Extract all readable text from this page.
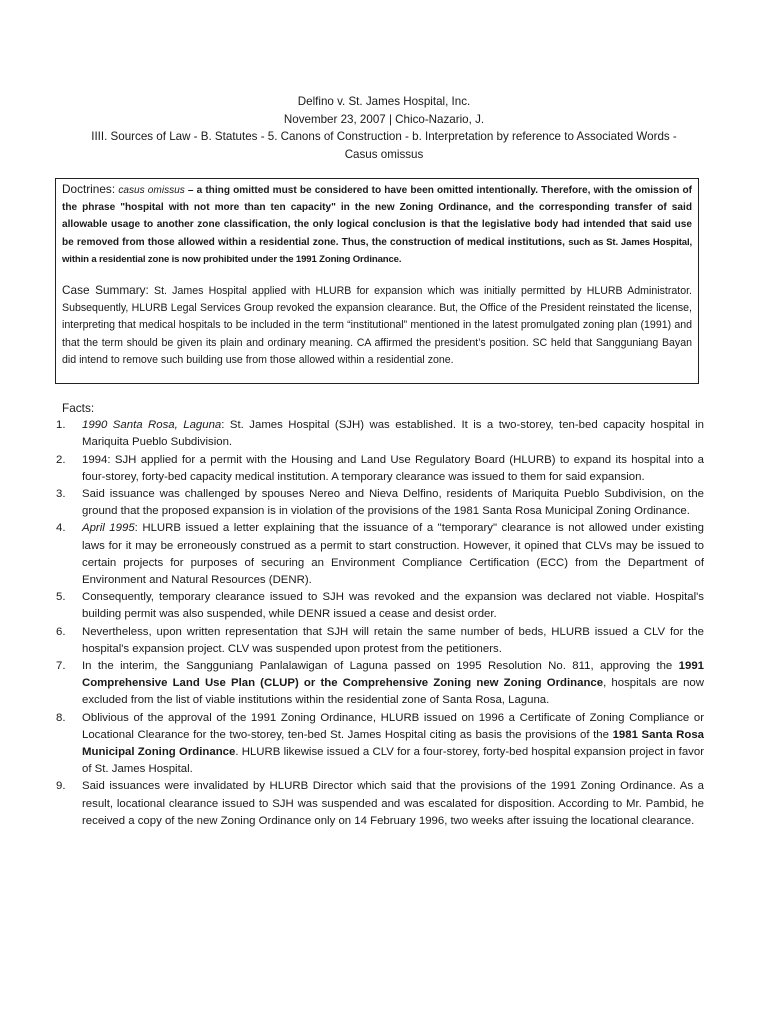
Delfino v. St. James Hospital, Inc.
November 23, 2007 | Chico-Nazario, J.
IIII. Sources of Law - B. Statutes - 5. Canons of Construction - b. Interpretation by reference to Associated Words -
Casus omissus

Doctrines: casus omissus – a thing omitted must be considered to have been omitted intentionally. Therefore, with the omission of the phrase "hospital with not more than ten capacity" in the new Zoning Ordinance, and the corresponding transfer of said allowable usage to another zone classification, the only logical conclusion is that the legislative body had intended that said use be removed from those allowed within a residential zone. Thus, the construction of medical institutions, such as St. James Hospital, within a residential zone is now prohibited under the 1991 Zoning Ordinance.

Case Summary: St. James Hospital applied with HLURB for expansion which was initially permitted by HLURB Administrator. Subsequently, HLURB Legal Services Group revoked the expansion clearance. But, the Office of the President reinstated the license, interpreting that medical hospitals to be included in the term “institutional” mentioned in the latest promulgated zoning plan (1991) and that the term should be given its plain and ordinary meaning. CA affirmed the president’s position. SC held that Sangguniang Bayan did intend to remove such building use from those allowed within a residential zone.

Facts:
1.	1990 Santa Rosa, Laguna: St. James Hospital (SJH) was established. It is a two-storey, ten-bed capacity hospital in Mariquita Pueblo Subdivision.
2.	1994: SJH applied for a permit with the Housing and Land Use Regulatory Board (HLURB) to expand its hospital into a four-storey, forty-bed capacity medical institution. A temporary clearance was issued to them for said expansion.
3.	Said issuance was challenged by spouses Nereo and Nieva Delfino, residents of Mariquita Pueblo Subdivision, on the ground that the proposed expansion is in violation of the provisions of the 1981 Santa Rosa Municipal Zoning Ordinance.
4.	April 1995: HLURB issued a letter explaining that the issuance of a "temporary" clearance is not allowed under existing laws for it may be erroneously construed as a permit to start construction. However, it opined that CLVs may be issued to certain projects for purposes of securing an Environment Compliance Certification (ECC) from the Department of Environment and Natural Resources (DENR).
5.	Consequently, temporary clearance issued to SJH was revoked and the expansion was declared not viable. Hospital's building permit was also suspended, while DENR issued a cease and desist order.
6.	Nevertheless, upon written representation that SJH will retain the same number of beds, HLURB issued a CLV for the hospital's expansion project. CLV was suspended upon protest from the petitioners.
7.	In the interim, the Sangguniang Panlalawigan of Laguna passed on 1995 Resolution No. 811, approving the 1991 Comprehensive Land Use Plan (CLUP) or the Comprehensive Zoning new Zoning Ordinance, hospitals are now excluded from the list of viable institutions within the residential zone of Santa Rosa, Laguna.
8.	Oblivious of the approval of the 1991 Zoning Ordinance, HLURB issued on 1996 a Certificate of Zoning Compliance or Locational Clearance for the two-storey, ten-bed St. James Hospital citing as basis the provisions of the 1981 Santa Rosa Municipal Zoning Ordinance. HLURB likewise issued a CLV for a four-storey, forty-bed hospital expansion project in favor of St. James Hospital.
9.	Said issuances were invalidated by HLURB Director which said that the provisions of the 1991 Zoning Ordinance. As a result, locational clearance issued to SJH was suspended and was escalated for disposition. According to Mr. Pambid, he received a copy of the new Zoning Ordinance only on 14 February 1996, two weeks after issuing the locational clearance.
